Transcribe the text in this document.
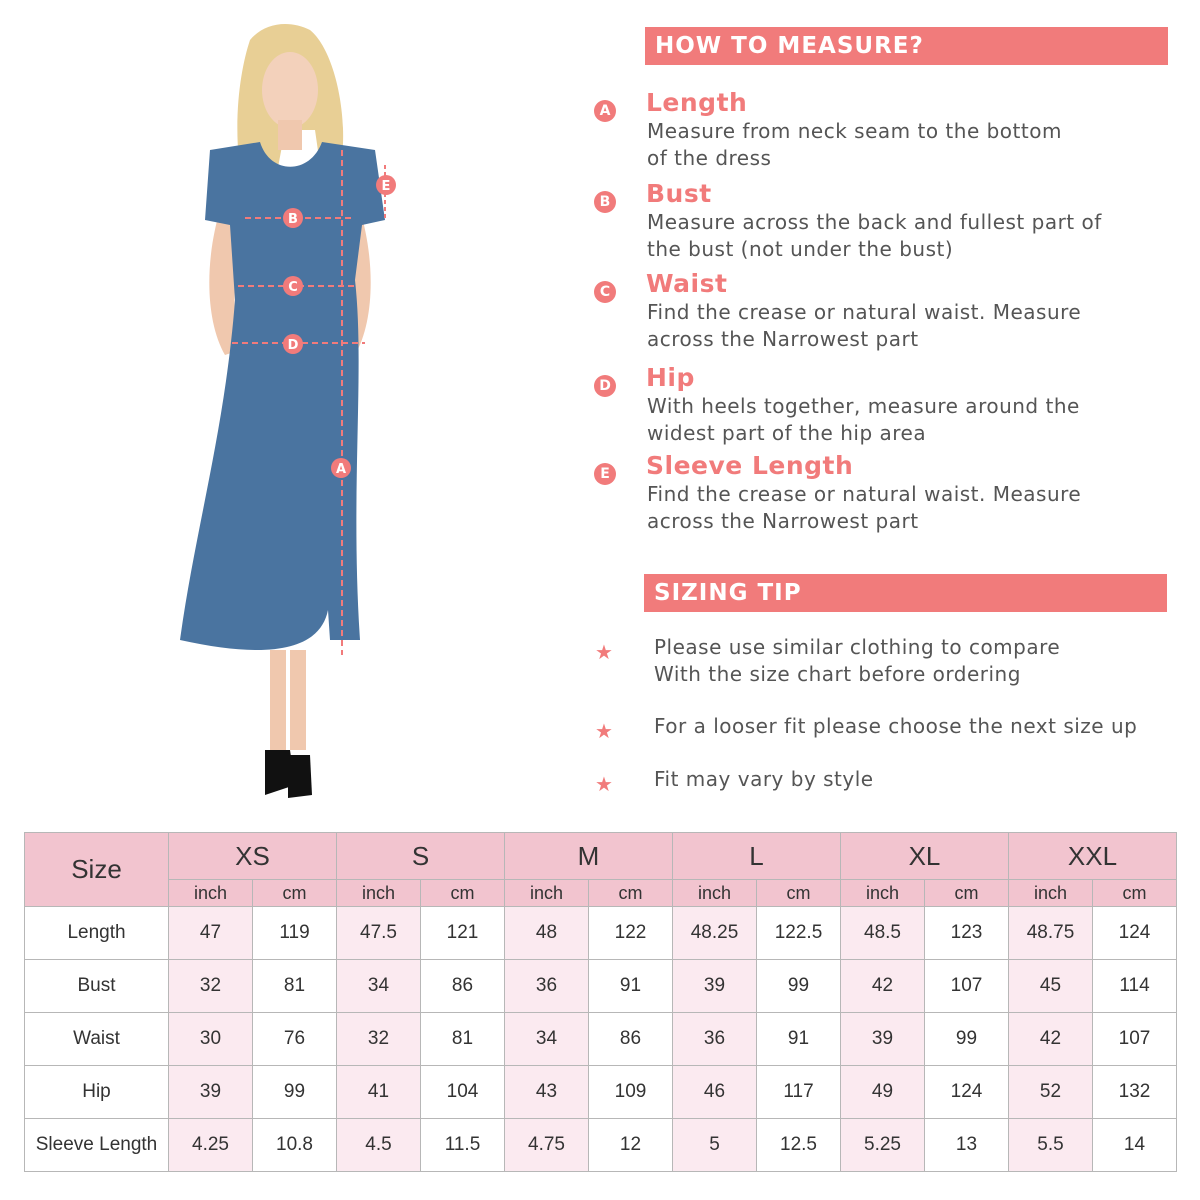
B
C
D
A
E
HOW TO MEASURE?
A Length
Measure from neck seam to the bottom
of the dress
B Bust
Measure across the back and fullest part of
the bust (not under the bust)
C Waist
Find the crease or natural waist. Measure
across the Narrowest part
D Hip
With heels together, measure around the
widest part of the hip area
E Sleeve Length
Find the crease or natural waist. Measure
across the Narrowest part
SIZING TIP
★ Please use similar clothing to compare
With the size chart before ordering
★ For a looser fit please choose the next size up
★ Fit may vary by style
Size	XS		S		M		L		XL		XXL	
	inch	cm	inch	cm	inch	cm	inch	cm	inch	cm	inch	cm
Length	47	119	47.5	121	48	122	48.25	122.5	48.5	123	48.75	124
Bust	32	81	34	86	36	91	39	99	42	107	45	114
Waist	30	76	32	81	34	86	36	91	39	99	42	107
Hip	39	99	41	104	43	109	46	117	49	124	52	132
Sleeve Length	4.25	10.8	4.5	11.5	4.75	12	5	12.5	5.25	13	5.5	14
